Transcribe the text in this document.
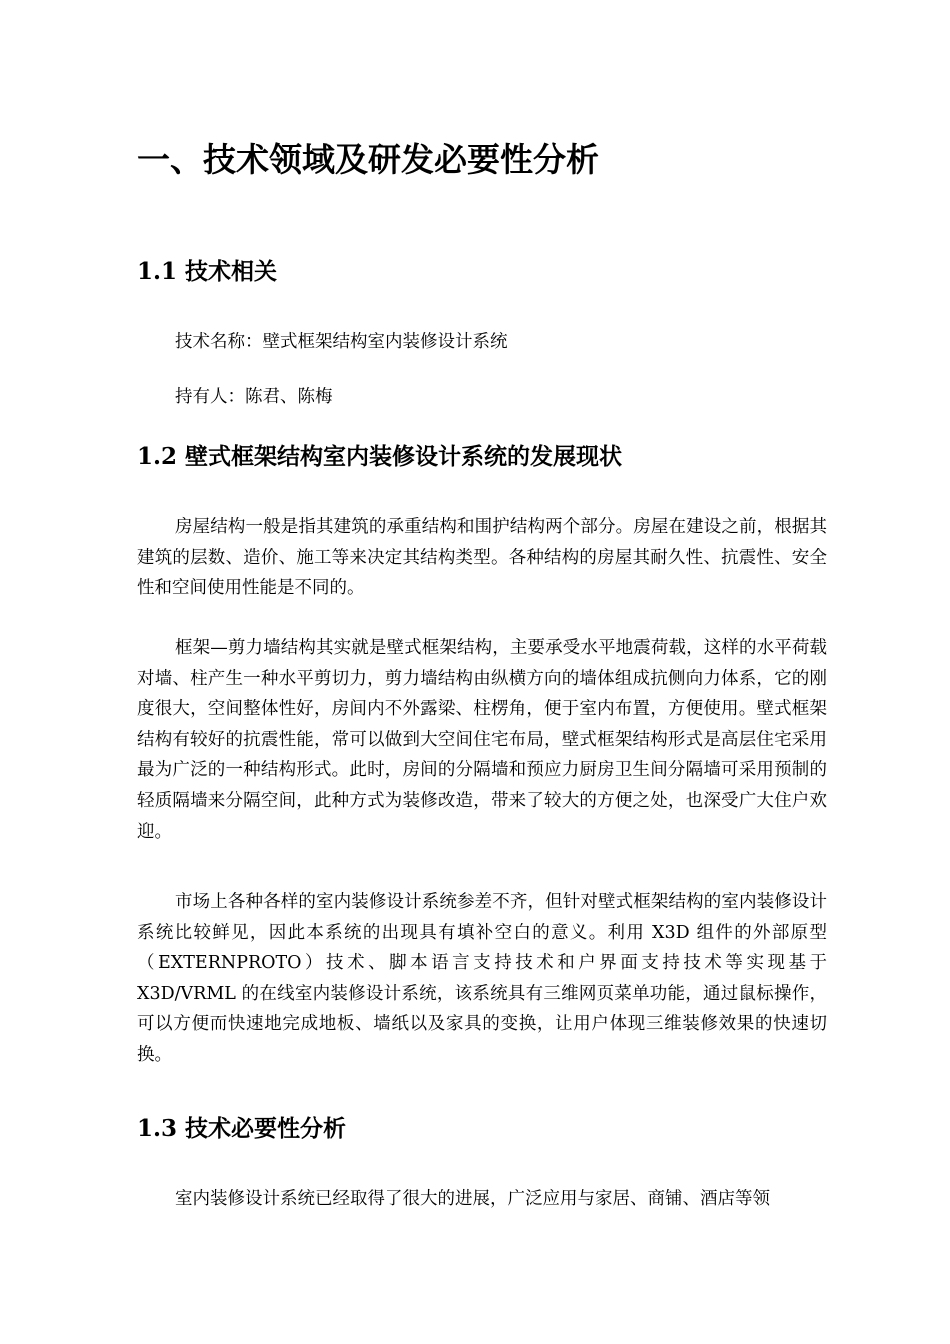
一、技术领域及研发必要性分析
1.1 技术相关

技术名称：壁式框架结构室内装修设计系统

持有人：陈君、陈梅

1.2 壁式框架结构室内装修设计系统的发展现状

房屋结构一般是指其建筑的承重结构和围护结构两个部分。房屋在建设之前，根据其建筑的层数、造价、施工等来决定其结构类型。各种结构的房屋其耐久性、抗震性、安全性和空间使用性能是不同的。

框架—剪力墙结构其实就是壁式框架结构，主要承受水平地震荷载，这样的水平荷载对墙、柱产生一种水平剪切力，剪力墙结构由纵横方向的墙体组成抗侧向力体系，它的刚度很大，空间整体性好，房间内不外露梁、柱楞角，便于室内布置，方便使用。壁式框架结构有较好的抗震性能，常可以做到大空间住宅布局，壁式框架结构形式是高层住宅采用最为广泛的一种结构形式。此时，房间的分隔墙和预应力厨房卫生间分隔墙可采用预制的轻质隔墙来分隔空间，此种方式为装修改造，带来了较大的方便之处，也深受广大住户欢迎。

市场上各种各样的室内装修设计系统参差不齐，但针对壁式框架结构的室内装修设计系统比较鲜见，因此本系统的出现具有填补空白的意义。利用 X3D 组件的外部原型（EXTERNPROTO）技术、脚本语言支持技术和户界面支持技术等实现基于 X3D/VRML 的在线室内装修设计系统，该系统具有三维网页菜单功能，通过鼠标操作，可以方便而快速地完成地板、墙纸以及家具的变换，让用户体现三维装修效果的快速切换。

1.3 技术必要性分析

室内装修设计系统已经取得了很大的进展，广泛应用与家居、商铺、酒店等领
